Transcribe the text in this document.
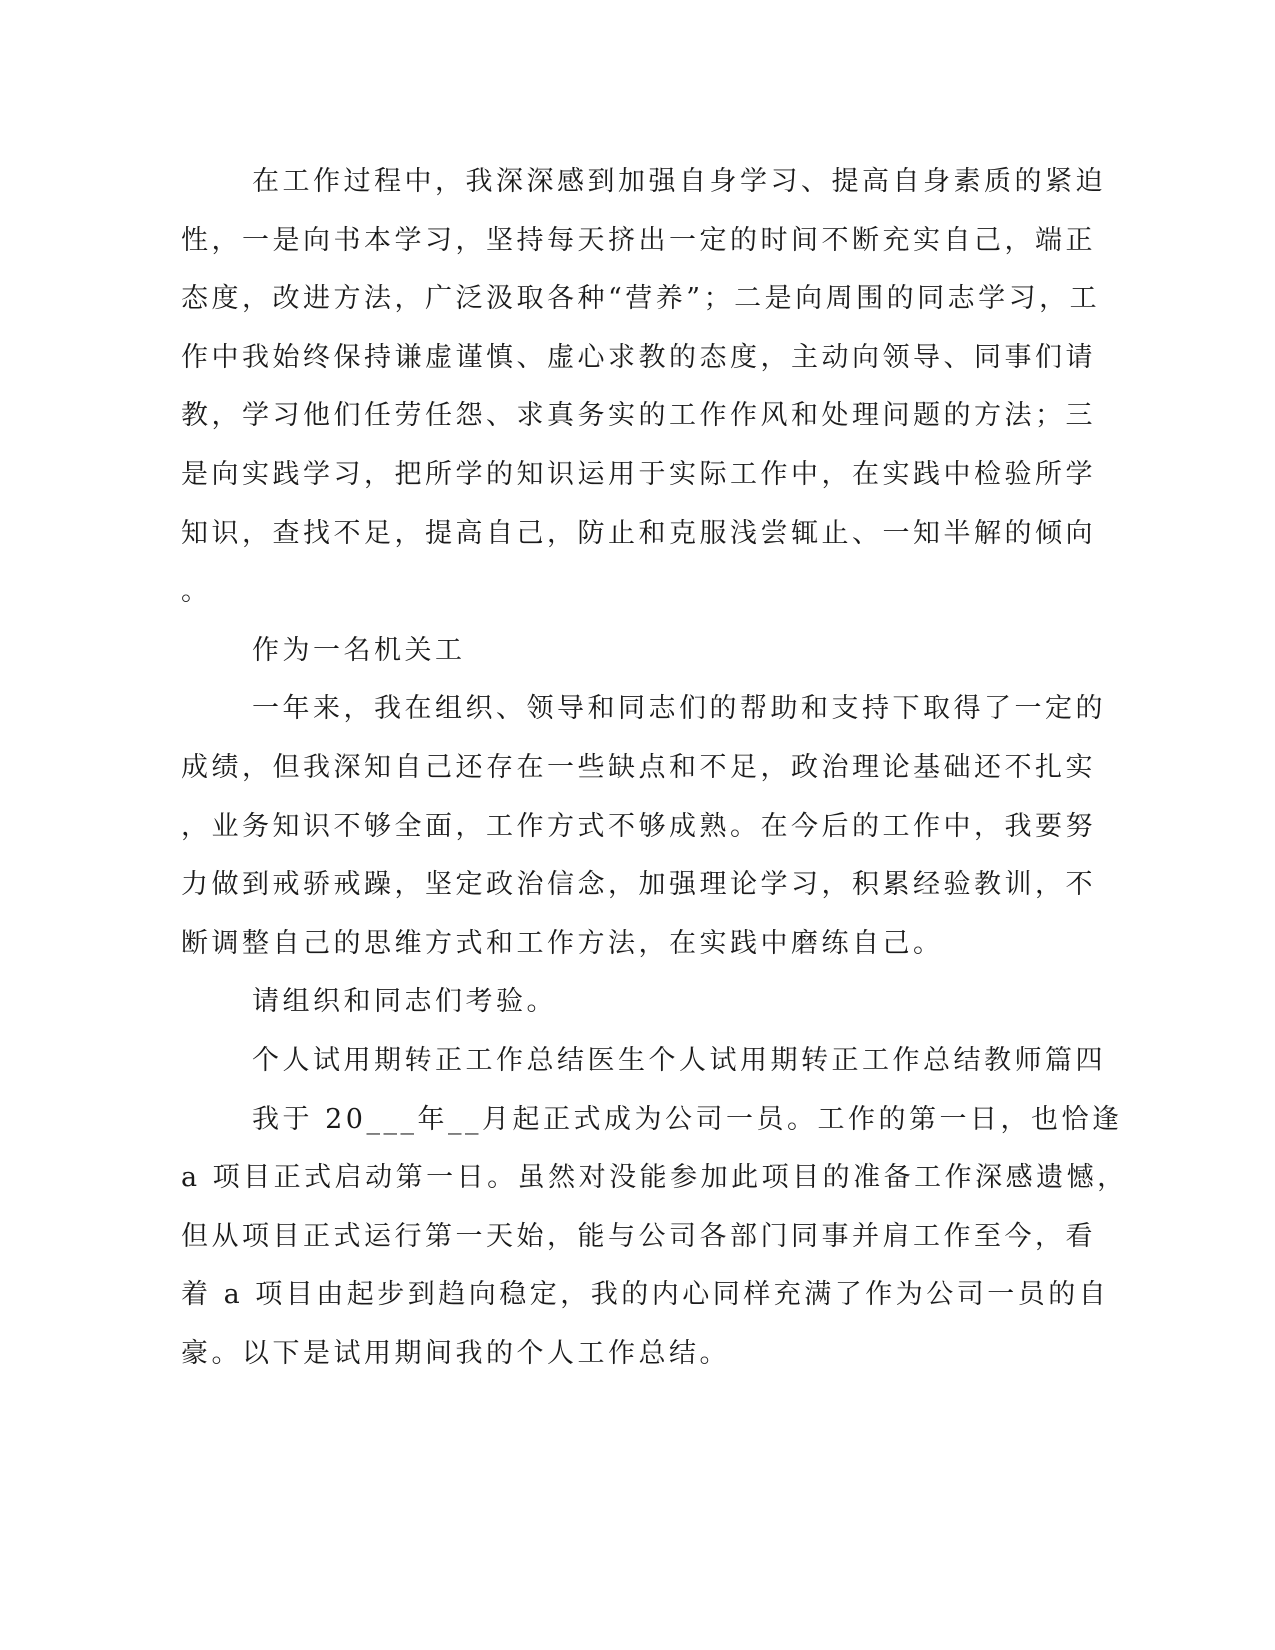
在工作过程中，我深深感到加强自身学习、提高自身素质的紧迫
性，一是向书本学习，坚持每天挤出一定的时间不断充实自己，端正
态度，改进方法，广泛汲取各种“营养”；二是向周围的同志学习，工
作中我始终保持谦虚谨慎、虚心求教的态度，主动向领导、同事们请
教，学习他们任劳任怨、求真务实的工作作风和处理问题的方法；三
是向实践学习，把所学的知识运用于实际工作中，在实践中检验所学
知识，查找不足，提高自己，防止和克服浅尝辄止、一知半解的倾向
。
作为一名机关工
一年来，我在组织、领导和同志们的帮助和支持下取得了一定的
成绩，但我深知自己还存在一些缺点和不足，政治理论基础还不扎实
，业务知识不够全面，工作方式不够成熟。在今后的工作中，我要努
力做到戒骄戒躁，坚定政治信念，加强理论学习，积累经验教训，不
断调整自己的思维方式和工作方法，在实践中磨练自己。
请组织和同志们考验。
个人试用期转正工作总结医生个人试用期转正工作总结教师篇四
我于 20___年__月起正式成为公司一员。工作的第一日，也恰逢
a 项目正式启动第一日。虽然对没能参加此项目的准备工作深感遗憾，
但从项目正式运行第一天始，能与公司各部门同事并肩工作至今，看
着 a 项目由起步到趋向稳定，我的内心同样充满了作为公司一员的自
豪。以下是试用期间我的个人工作总结。
